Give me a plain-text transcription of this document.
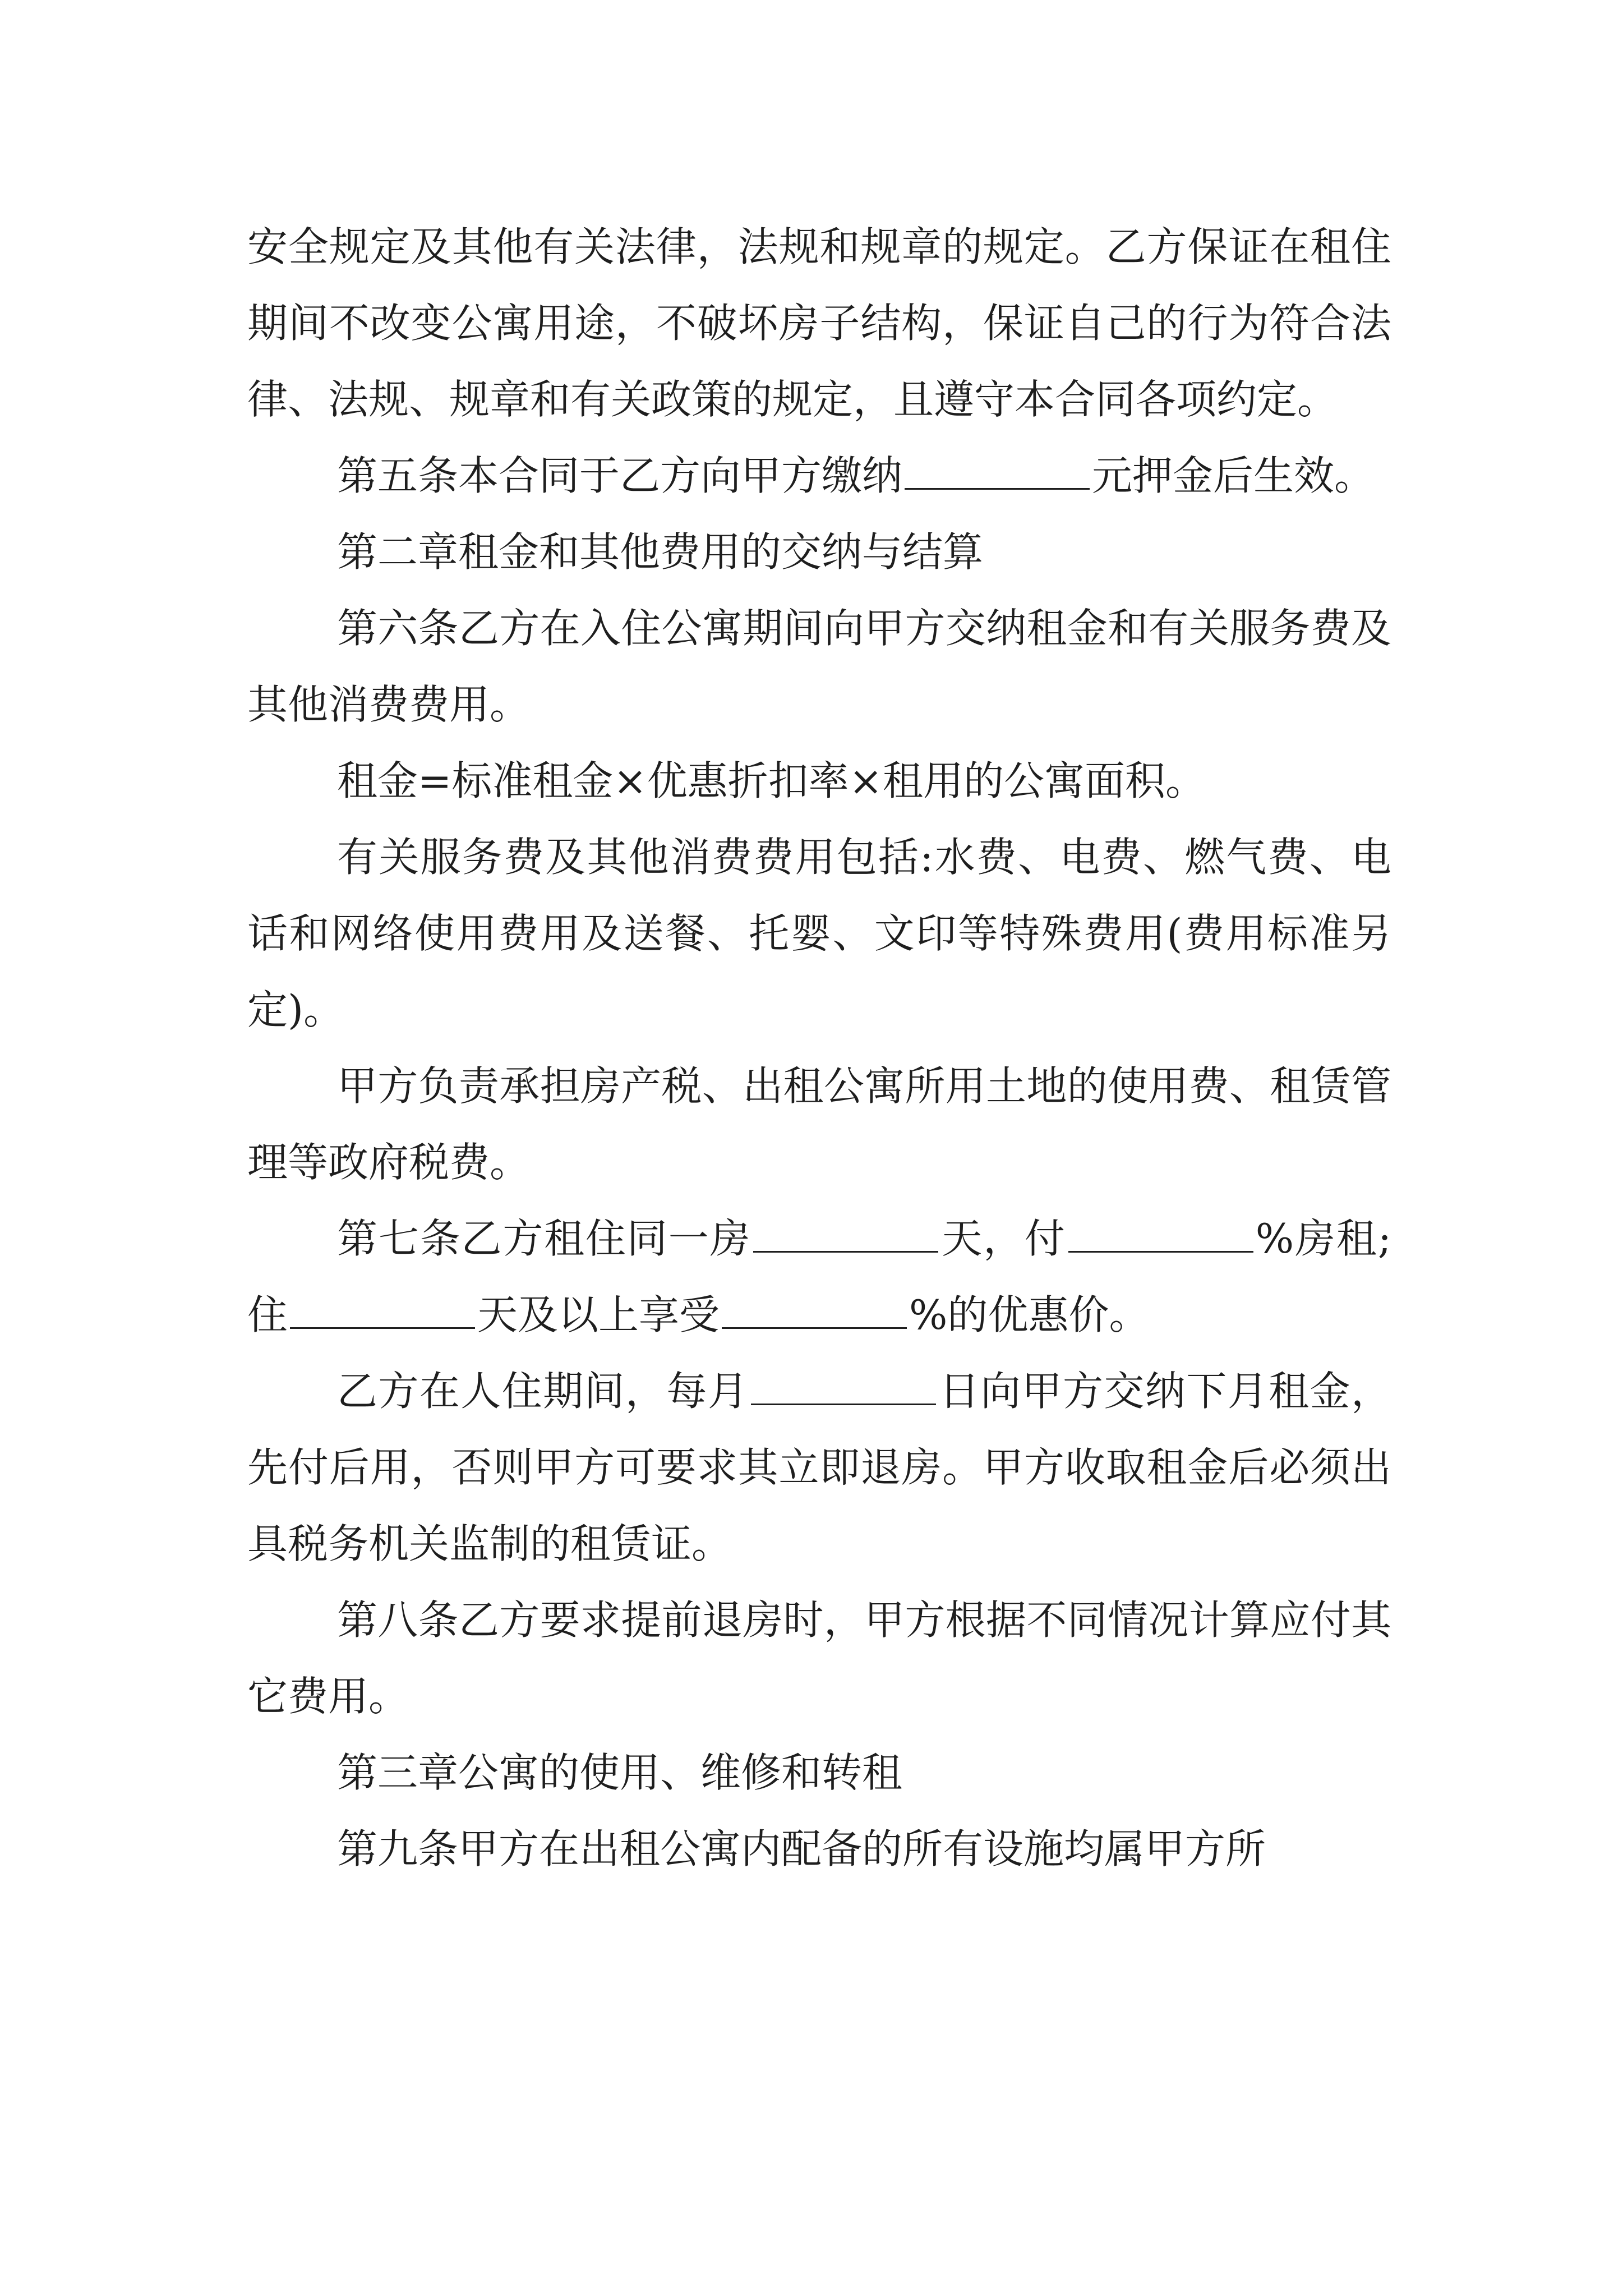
安全规定及其他有关法律，法规和规章的规定。乙方保证在租住期间不改变公寓用途，不破坏房子结构，保证自己的行为符合法律、法规、规章和有关政策的规定，且遵守本合同各项约定。

第五条本合同于乙方向甲方缴纳	元押金后生效。

第二章租金和其他费用的交纳与结算

第六条乙方在入住公寓期间向甲方交纳租金和有关服务费及其他消费费用。

租金=标准租金×优惠折扣率×租用的公寓面积。

有关服务费及其他消费费用包括:水费、电费、燃气费、电话和网络使用费用及送餐、托婴、文印等特殊费用(费用标准另定)。

甲方负责承担房产税、出租公寓所用土地的使用费、租赁管理等政府税费。

第七条乙方租住同一房	天，付	%房租;住	天及以上享受	%的优惠价。

乙方在人住期间，每月	日向甲方交纳下月租金，先付后用，否则甲方可要求其立即退房。甲方收取租金后必须出具税务机关监制的租赁证。

第八条乙方要求提前退房时，甲方根据不同情况计算应付其它费用。

第三章公寓的使用、维修和转租

第九条甲方在出租公寓内配备的所有设施均属甲方所
